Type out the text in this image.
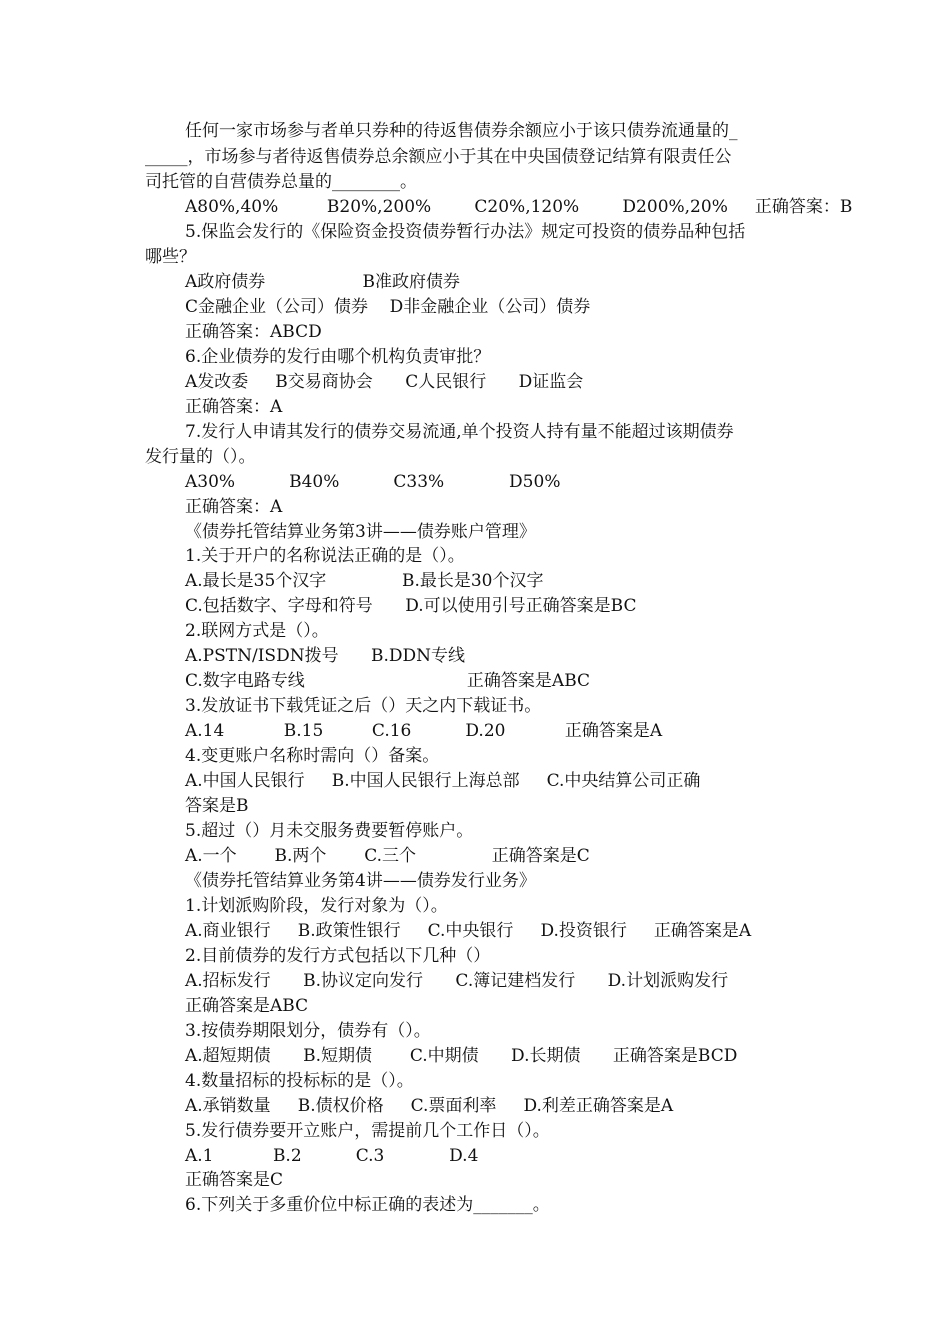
任何一家市场参与者单只券种的待返售债券余额应小于该只债券流通量的_
_____，市场参与者待返售债券总余额应小于其在中央国债登记结算有限责任公
司托管的自营债券总量的________。
A80%,40%         B20%,200%        C20%,120%        D200%,20%     正确答案：B
5.保监会发行的《保险资金投资债券暂行办法》规定可投资的债券品种包括
哪些？
A政府债券                  B准政府债券
C金融企业（公司）债券    D非金融企业（公司）债券
正确答案：ABCD
6.企业债券的发行由哪个机构负责审批？
A发改委     B交易商协会      C人民银行      D证监会
正确答案：A
7.发行人申请其发行的债券交易流通,单个投资人持有量不能超过该期债券
发行量的（）。
A30%          B40%          C33%            D50%
正确答案：A
《债券托管结算业务第3讲——债券账户管理》
1.关于开户的名称说法正确的是（）。
A.最长是35个汉字              B.最长是30个汉字
C.包括数字、字母和符号      D.可以使用引号正确答案是BC
2.联网方式是（）。
A.PSTN/ISDN拨号      B.DDN专线
C.数字电路专线                              正确答案是ABC
3.发放证书下载凭证之后（）天之内下载证书。
A.14           B.15         C.16          D.20           正确答案是A
4.变更账户名称时需向（）备案。
A.中国人民银行     B.中国人民银行上海总部     C.中央结算公司正确
答案是B
5.超过（）月未交服务费要暂停账户。
A.一个       B.两个       C.三个              正确答案是C
《债券托管结算业务第4讲——债券发行业务》
1.计划派购阶段，发行对象为（）。
A.商业银行     B.政策性银行     C.中央银行     D.投资银行     正确答案是A
2.目前债券的发行方式包括以下几种（）
A.招标发行      B.协议定向发行      C.簿记建档发行      D.计划派购发行
正确答案是ABC
3.按债券期限划分，债券有（）。
A.超短期债      B.短期债       C.中期债      D.长期债      正确答案是BCD
4.数量招标的投标标的是（）。
A.承销数量     B.债权价格     C.票面利率     D.利差正确答案是A
5.发行债券要开立账户，需提前几个工作日（）。
A.1           B.2          C.3            D.4
正确答案是C
6.下列关于多重价位中标正确的表述为_______。
